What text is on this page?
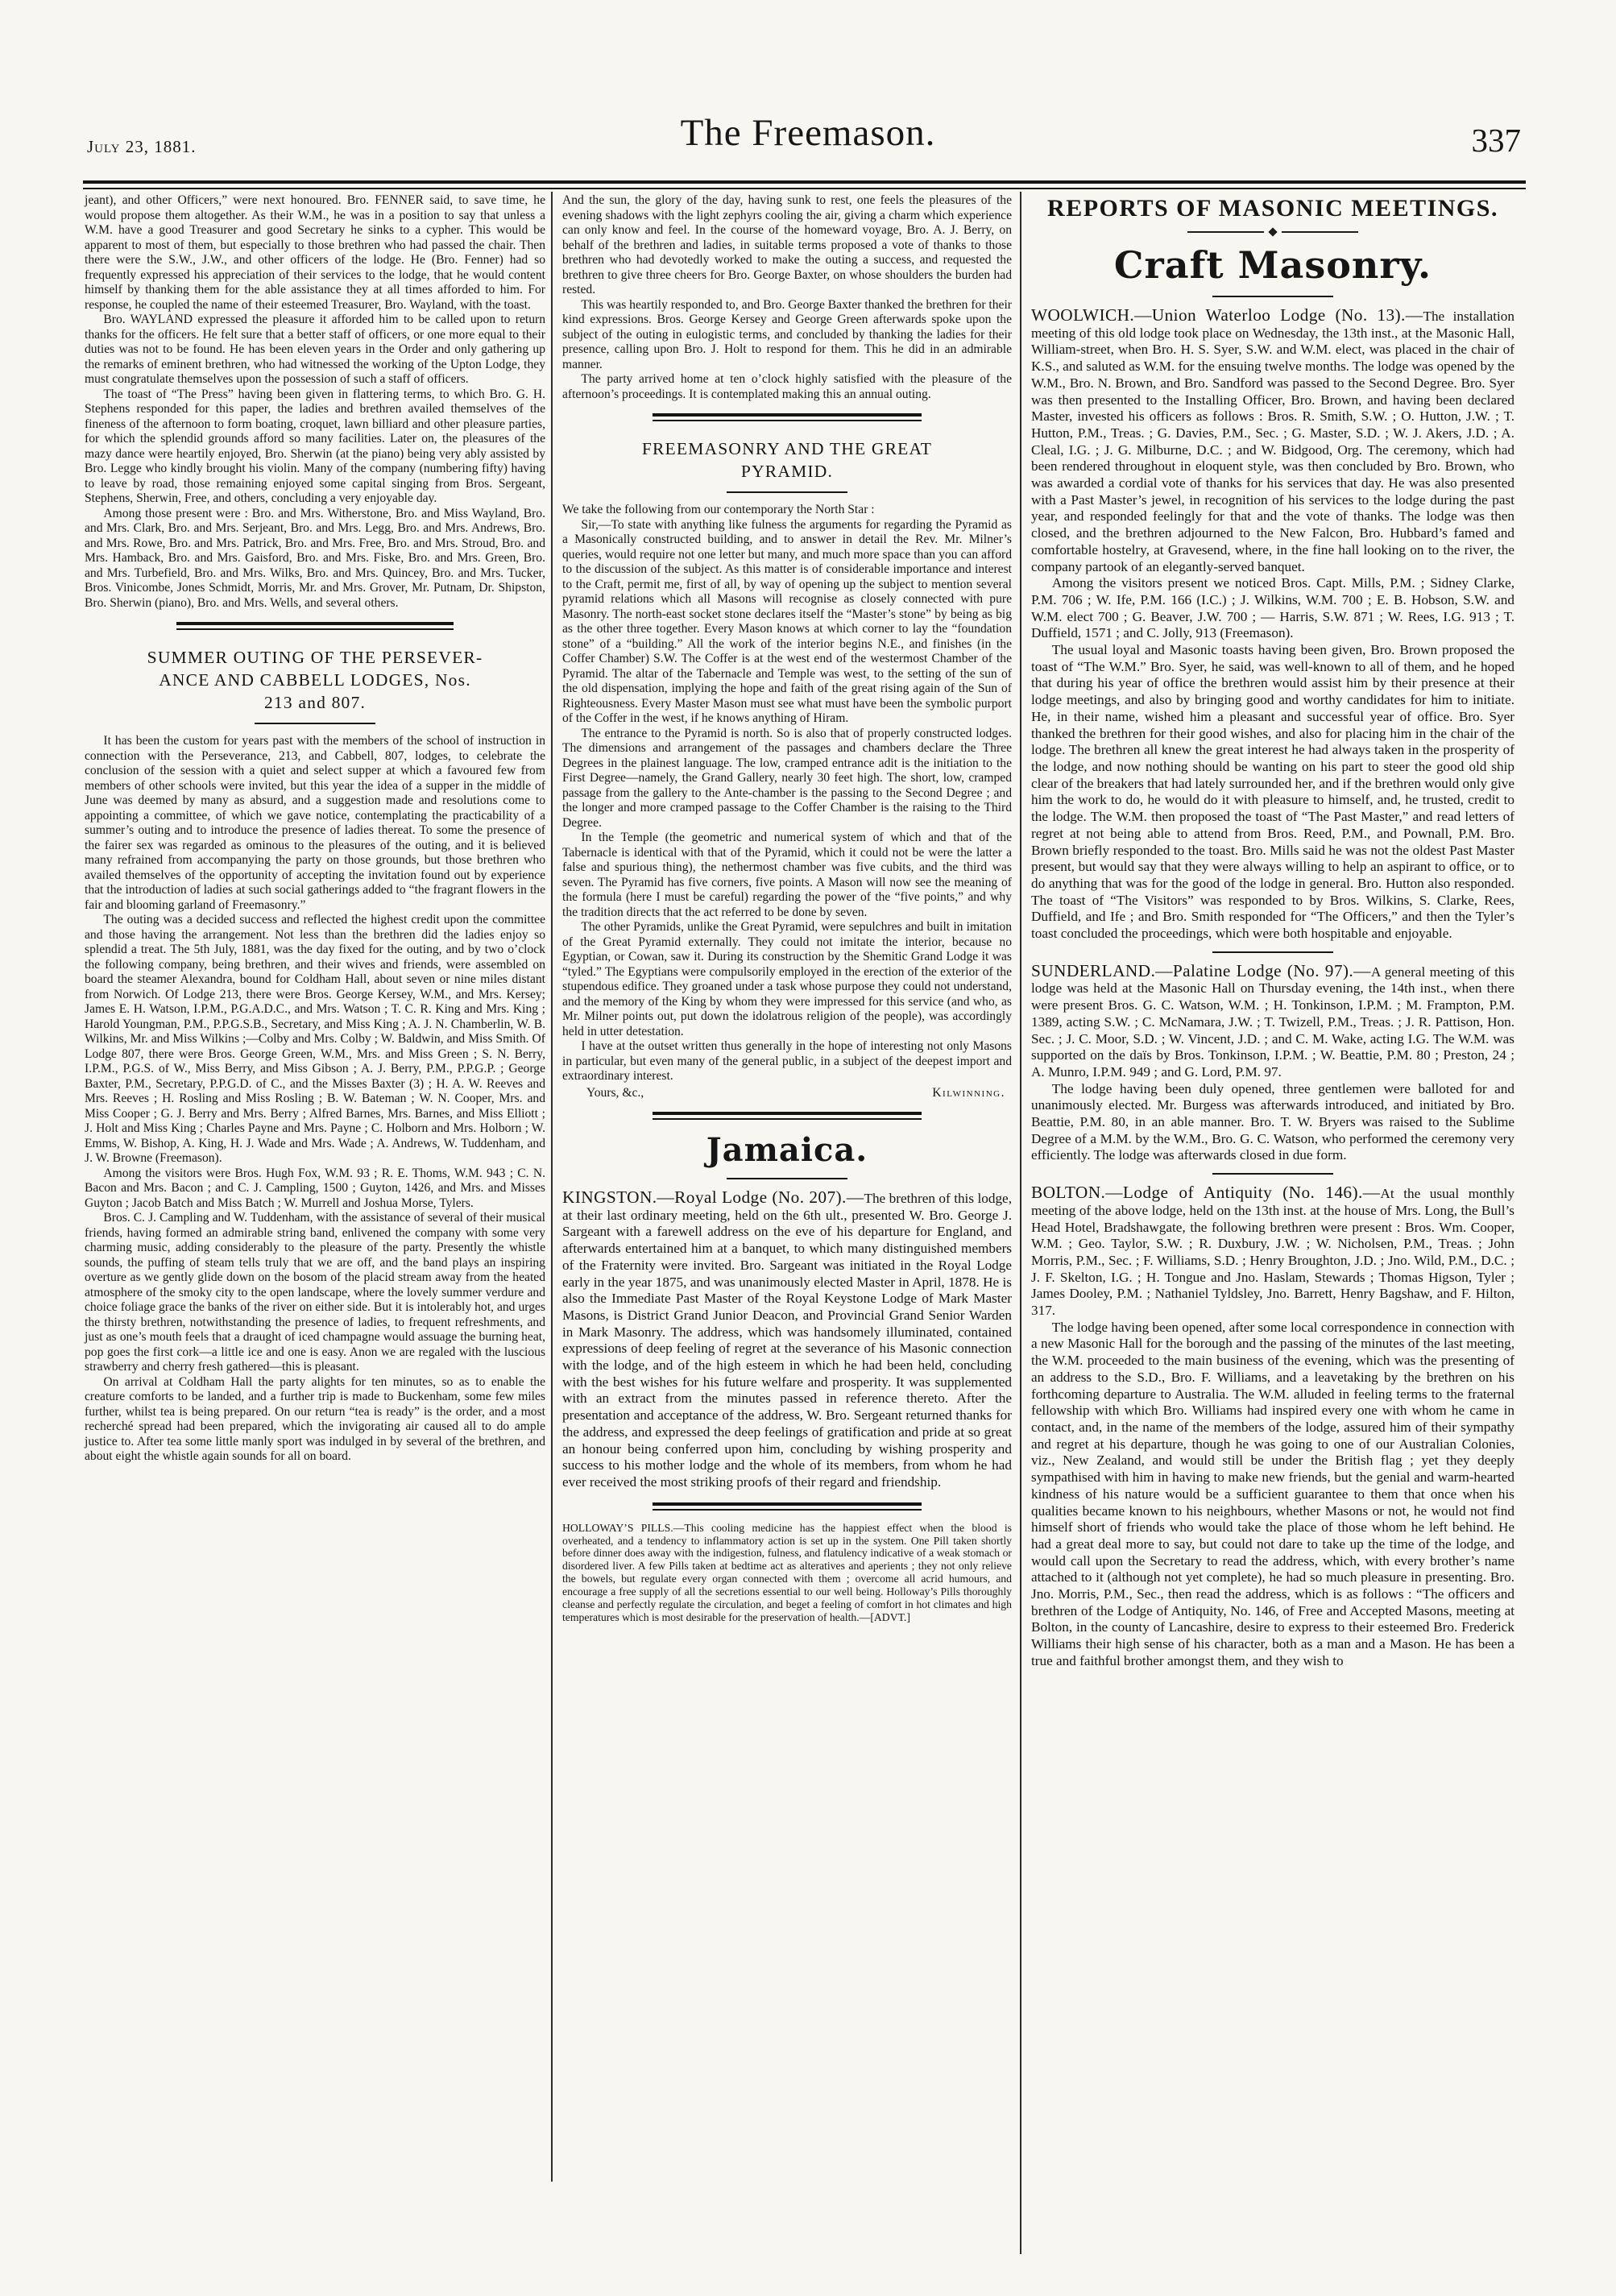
July 23, 1881.	The Freemason.	337

jeant), and other Officers,” were next honoured. Bro. FENNER said, to save time, he would propose them altogether. As their W.M., he was in a position to say that unless a W.M. have a good Treasurer and good Secretary he sinks to a cypher. This would be apparent to most of them, but especially to those brethren who had passed the chair. Then there were the S.W., J.W., and other officers of the lodge. He (Bro. Fenner) had so frequently expressed his appreciation of their services to the lodge, that he would content himself by thanking them for the able assistance they at all times afforded to him. For response, he coupled the name of their esteemed Treasurer, Bro. Wayland, with the toast.

Bro. WAYLAND expressed the pleasure it afforded him to be called upon to return thanks for the officers. He felt sure that a better staff of officers, or one more equal to their duties was not to be found. He has been eleven years in the Order and only gathering up the remarks of eminent brethren, who had witnessed the working of the Upton Lodge, they must congratulate themselves upon the possession of such a staff of officers.

The toast of “The Press” having been given in flattering terms, to which Bro. G. H. Stephens responded for this paper, the ladies and brethren availed themselves of the fineness of the afternoon to form boating, croquet, lawn billiard and other pleasure parties, for which the splendid grounds afford so many facilities. Later on, the pleasures of the mazy dance were heartily enjoyed, Bro. Sherwin (at the piano) being very ably assisted by Bro. Legge who kindly brought his violin. Many of the company (numbering fifty) having to leave by road, those remaining enjoyed some capital singing from Bros. Sergeant, Stephens, Sherwin, Free, and others, concluding a very enjoyable day.

Among those present were : Bro. and Mrs. Witherstone, Bro. and Miss Wayland, Bro. and Mrs. Clark, Bro. and Mrs. Serjeant, Bro. and Mrs. Legg, Bro. and Mrs. Andrews, Bro. and Mrs. Rowe, Bro. and Mrs. Patrick, Bro. and Mrs. Free, Bro. and Mrs. Stroud, Bro. and Mrs. Hamback, Bro. and Mrs. Gaisford, Bro. and Mrs. Fiske, Bro. and Mrs. Green, Bro. and Mrs. Turbefield, Bro. and Mrs. Wilks, Bro. and Mrs. Quincey, Bro. and Mrs. Tucker, Bros. Vinicombe, Jones Schmidt, Morris, Mr. and Mrs. Grover, Mr. Putnam, Dr. Shipston, Bro. Sherwin (piano), Bro. and Mrs. Wells, and several others.

SUMMER OUTING OF THE PERSEVER-
ANCE AND CABBELL LODGES, Nos.
213 and 807.

It has been the custom for years past with the members of the school of instruction in connection with the Perseverance, 213, and Cabbell, 807, lodges, to celebrate the conclusion of the session with a quiet and select supper at which a favoured few from members of other schools were invited, but this year the idea of a supper in the middle of June was deemed by many as absurd, and a suggestion made and resolutions come to appointing a committee, of which we gave notice, contemplating the practicability of a summer’s outing and to introduce the presence of ladies thereat. To some the presence of the fairer sex was regarded as ominous to the pleasures of the outing, and it is believed many refrained from accompanying the party on those grounds, but those brethren who availed themselves of the opportunity of accepting the invitation found out by experience that the introduction of ladies at such social gatherings added to “the fragrant flowers in the fair and blooming garland of Freemasonry.”

The outing was a decided success and reflected the highest credit upon the committee and those having the arrangement. Not less than the brethren did the ladies enjoy so splendid a treat. The 5th July, 1881, was the day fixed for the outing, and by two o’clock the following company, being brethren, and their wives and friends, were assembled on board the steamer Alexandra, bound for Coldham Hall, about seven or nine miles distant from Norwich. Of Lodge 213, there were Bros. George Kersey, W.M., and Mrs. Kersey; James E. H. Watson, I.P.M., P.G.A.D.C., and Mrs. Watson ; T. C. R. King and Mrs. King ; Harold Youngman, P.M., P.P.G.S.B., Secretary, and Miss King ; A. J. N. Chamberlin, W. B. Wilkins, Mr. and Miss Wilkins ;—Colby and Mrs. Colby ; W. Baldwin, and Miss Smith. Of Lodge 807, there were Bros. George Green, W.M., Mrs. and Miss Green ; S. N. Berry, I.P.M., P.G.S. of W., Miss Berry, and Miss Gibson ; A. J. Berry, P.M., P.P.G.P. ; George Baxter, P.M., Secretary, P.P.G.D. of C., and the Misses Baxter (3) ; H. A. W. Reeves and Mrs. Reeves ; H. Rosling and Miss Rosling ; B. W. Bateman ; W. N. Cooper, Mrs. and Miss Cooper ; G. J. Berry and Mrs. Berry ; Alfred Barnes, Mrs. Barnes, and Miss Elliott ; J. Holt and Miss King ; Charles Payne and Mrs. Payne ; C. Holborn and Mrs. Holborn ; W. Emms, W. Bishop, A. King, H. J. Wade and Mrs. Wade ; A. Andrews, W. Tuddenham, and J. W. Browne (Freemason).

Among the visitors were Bros. Hugh Fox, W.M. 93 ; R. E. Thoms, W.M. 943 ; C. N. Bacon and Mrs. Bacon ; and C. J. Campling, 1500 ; Guyton, 1426, and Mrs. and Misses Guyton ; Jacob Batch and Miss Batch ; W. Murrell and Joshua Morse, Tylers.

Bros. C. J. Campling and W. Tuddenham, with the assistance of several of their musical friends, having formed an admirable string band, enlivened the company with some very charming music, adding considerably to the pleasure of the party. Presently the whistle sounds, the puffing of steam tells truly that we are off, and the band plays an inspiring overture as we gently glide down on the bosom of the placid stream away from the heated atmosphere of the smoky city to the open landscape, where the lovely summer verdure and choice foliage grace the banks of the river on either side. But it is intolerably hot, and urges the thirsty brethren, notwithstanding the presence of ladies, to frequent refreshments, and just as one’s mouth feels that a draught of iced champagne would assuage the burning heat, pop goes the first cork—a little ice and one is easy. Anon we are regaled with the luscious strawberry and cherry fresh gathered—this is pleasant.

On arrival at Coldham Hall the party alights for ten minutes, so as to enable the creature comforts to be landed, and a further trip is made to Buckenham, some few miles further, whilst tea is being prepared. On our return “tea is ready” is the order, and a most recherché spread had been prepared, which the invigorating air caused all to do ample justice to. After tea some little manly sport was indulged in by several of the brethren, and about eight the whistle again sounds for all on board.

And the sun, the glory of the day, having sunk to rest, one feels the pleasures of the evening shadows with the light zephyrs cooling the air, giving a charm which experience can only know and feel. In the course of the homeward voyage, Bro. A. J. Berry, on behalf of the brethren and ladies, in suitable terms proposed a vote of thanks to those brethren who had devotedly worked to make the outing a success, and requested the brethren to give three cheers for Bro. George Baxter, on whose shoulders the burden had rested.

This was heartily responded to, and Bro. George Baxter thanked the brethren for their kind expressions. Bros. George Kersey and George Green afterwards spoke upon the subject of the outing in eulogistic terms, and concluded by thanking the ladies for their presence, calling upon Bro. J. Holt to respond for them. This he did in an admirable manner.

The party arrived home at ten o’clock highly satisfied with the pleasure of the afternoon’s proceedings. It is contemplated making this an annual outing.

FREEMASONRY AND THE GREAT
PYRAMID.

We take the following from our contemporary the North Star :

Sir,—To state with anything like fulness the arguments for regarding the Pyramid as a Masonically constructed building, and to answer in detail the Rev. Mr. Milner’s queries, would require not one letter but many, and much more space than you can afford to the discussion of the subject. As this matter is of considerable importance and interest to the Craft, permit me, first of all, by way of opening up the subject to mention several pyramid relations which all Masons will recognise as closely connected with pure Masonry. The north-east socket stone declares itself the “Master’s stone” by being as big as the other three together. Every Mason knows at which corner to lay the “foundation stone” of a “building.” All the work of the interior begins N.E., and finishes (in the Coffer Chamber) S.W. The Coffer is at the west end of the westermost Chamber of the Pyramid. The altar of the Tabernacle and Temple was west, to the setting of the sun of the old dispensation, implying the hope and faith of the great rising again of the Sun of Righteousness. Every Master Mason must see what must have been the symbolic purport of the Coffer in the west, if he knows anything of Hiram.

The entrance to the Pyramid is north. So is also that of properly constructed lodges. The dimensions and arrangement of the passages and chambers declare the Three Degrees in the plainest language. The low, cramped entrance adit is the initiation to the First Degree—namely, the Grand Gallery, nearly 30 feet high. The short, low, cramped passage from the gallery to the Ante-chamber is the passing to the Second Degree ; and the longer and more cramped passage to the Coffer Chamber is the raising to the Third Degree.

In the Temple (the geometric and numerical system of which and that of the Tabernacle is identical with that of the Pyramid, which it could not be were the latter a false and spurious thing), the nethermost chamber was five cubits, and the third was seven. The Pyramid has five corners, five points. A Mason will now see the meaning of the formula (here I must be careful) regarding the power of the “five points,” and why the tradition directs that the act referred to be done by seven.

The other Pyramids, unlike the Great Pyramid, were sepulchres and built in imitation of the Great Pyramid externally. They could not imitate the interior, because no Egyptian, or Cowan, saw it. During its construction by the Shemitic Grand Lodge it was “tyled.” The Egyptians were compulsorily employed in the erection of the exterior of the stupendous edifice. They groaned under a task whose purpose they could not understand, and the memory of the King by whom they were impressed for this service (and who, as Mr. Milner points out, put down the idolatrous religion of the people), was accordingly held in utter detestation.

I have at the outset written thus generally in the hope of interesting not only Masons in particular, but even many of the general public, in a subject of the deepest import and extraordinary interest.

Yours, &c.,	Kilwinning.

Jamaica.

KINGSTON.—Royal Lodge (No. 207).—The brethren of this lodge, at their last ordinary meeting, held on the 6th ult., presented W. Bro. George J. Sargeant with a farewell address on the eve of his departure for England, and afterwards entertained him at a banquet, to which many distinguished members of the Fraternity were invited. Bro. Sargeant was initiated in the Royal Lodge early in the year 1875, and was unanimously elected Master in April, 1878. He is also the Immediate Past Master of the Royal Keystone Lodge of Mark Master Masons, is District Grand Junior Deacon, and Provincial Grand Senior Warden in Mark Masonry. The address, which was handsomely illuminated, contained expressions of deep feeling of regret at the severance of his Masonic connection with the lodge, and of the high esteem in which he had been held, concluding with the best wishes for his future welfare and prosperity. It was supplemented with an extract from the minutes passed in reference thereto. After the presentation and acceptance of the address, W. Bro. Sergeant returned thanks for the address, and expressed the deep feelings of gratification and pride at so great an honour being conferred upon him, concluding by wishing prosperity and success to his mother lodge and the whole of its members, from whom he had ever received the most striking proofs of their regard and friendship.

HOLLOWAY’S PILLS.—This cooling medicine has the happiest effect when the blood is overheated, and a tendency to inflammatory action is set up in the system. One Pill taken shortly before dinner does away with the indigestion, fulness, and flatulency indicative of a weak stomach or disordered liver. A few Pills taken at bedtime act as alteratives and aperients ; they not only relieve the bowels, but regulate every organ connected with them ; overcome all acrid humours, and encourage a free supply of all the secretions essential to our well being. Holloway’s Pills thoroughly cleanse and perfectly regulate the circulation, and beget a feeling of comfort in hot climates and high temperatures which is most desirable for the preservation of health.—[ADVT.]

REPORTS OF MASONIC MEETINGS.
Craft Masonry.

WOOLWICH.—Union Waterloo Lodge (No. 13).—The installation meeting of this old lodge took place on Wednesday, the 13th inst., at the Masonic Hall, William-street, when Bro. H. S. Syer, S.W. and W.M. elect, was placed in the chair of K.S., and saluted as W.M. for the ensuing twelve months. The lodge was opened by the W.M., Bro. N. Brown, and Bro. Sandford was passed to the Second Degree. Bro. Syer was then presented to the Installing Officer, Bro. Brown, and having been declared Master, invested his officers as follows : Bros. R. Smith, S.W. ; O. Hutton, J.W. ; T. Hutton, P.M., Treas. ; G. Davies, P.M., Sec. ; G. Master, S.D. ; W. J. Akers, J.D. ; A. Cleal, I.G. ; J. G. Milburne, D.C. ; and W. Bidgood, Org. The ceremony, which had been rendered throughout in eloquent style, was then concluded by Bro. Brown, who was awarded a cordial vote of thanks for his services that day. He was also presented with a Past Master’s jewel, in recognition of his services to the lodge during the past year, and responded feelingly for that and the vote of thanks. The lodge was then closed, and the brethren adjourned to the New Falcon, Bro. Hubbard’s famed and comfortable hostelry, at Gravesend, where, in the fine hall looking on to the river, the company partook of an elegantly-served banquet.

Among the visitors present we noticed Bros. Capt. Mills, P.M. ; Sidney Clarke, P.M. 706 ; W. Ife, P.M. 166 (I.C.) ; J. Wilkins, W.M. 700 ; E. B. Hobson, S.W. and W.M. elect 700 ; G. Beaver, J.W. 700 ; — Harris, S.W. 871 ; W. Rees, I.G. 913 ; T. Duffield, 1571 ; and C. Jolly, 913 (Freemason).

The usual loyal and Masonic toasts having been given, Bro. Brown proposed the toast of “The W.M.” Bro. Syer, he said, was well-known to all of them, and he hoped that during his year of office the brethren would assist him by their presence at their lodge meetings, and also by bringing good and worthy candidates for him to initiate. He, in their name, wished him a pleasant and successful year of office. Bro. Syer thanked the brethren for their good wishes, and also for placing him in the chair of the lodge. The brethren all knew the great interest he had always taken in the prosperity of the lodge, and now nothing should be wanting on his part to steer the good old ship clear of the breakers that had lately surrounded her, and if the brethren would only give him the work to do, he would do it with pleasure to himself, and, he trusted, credit to the lodge. The W.M. then proposed the toast of “The Past Master,” and read letters of regret at not being able to attend from Bros. Reed, P.M., and Pownall, P.M. Bro. Brown briefly responded to the toast. Bro. Mills said he was not the oldest Past Master present, but would say that they were always willing to help an aspirant to office, or to do anything that was for the good of the lodge in general. Bro. Hutton also responded. The toast of “The Visitors” was responded to by Bros. Wilkins, S. Clarke, Rees, Duffield, and Ife ; and Bro. Smith responded for “The Officers,” and then the Tyler’s toast concluded the proceedings, which were both hospitable and enjoyable.

SUNDERLAND.—Palatine Lodge (No. 97).—A general meeting of this lodge was held at the Masonic Hall on Thursday evening, the 14th inst., when there were present Bros. G. C. Watson, W.M. ; H. Tonkinson, I.P.M. ; M. Frampton, P.M. 1389, acting S.W. ; C. McNamara, J.W. ; T. Twizell, P.M., Treas. ; J. R. Pattison, Hon. Sec. ; J. C. Moor, S.D. ; W. Vincent, J.D. ; and C. M. Wake, acting I.G. The W.M. was supported on the daïs by Bros. Tonkinson, I.P.M. ; W. Beattie, P.M. 80 ; Preston, 24 ; A. Munro, I.P.M. 949 ; and G. Lord, P.M. 97.

The lodge having been duly opened, three gentlemen were balloted for and unanimously elected. Mr. Burgess was afterwards introduced, and initiated by Bro. Beattie, P.M. 80, in an able manner. Bro. T. W. Bryers was raised to the Sublime Degree of a M.M. by the W.M., Bro. G. C. Watson, who performed the ceremony very efficiently. The lodge was afterwards closed in due form.

BOLTON.—Lodge of Antiquity (No. 146).—At the usual monthly meeting of the above lodge, held on the 13th inst. at the house of Mrs. Long, the Bull’s Head Hotel, Bradshawgate, the following brethren were present : Bros. Wm. Cooper, W.M. ; Geo. Taylor, S.W. ; R. Duxbury, J.W. ; W. Nicholsen, P.M., Treas. ; John Morris, P.M., Sec. ; F. Williams, S.D. ; Henry Broughton, J.D. ; Jno. Wild, P.M., D.C. ; J. F. Skelton, I.G. ; H. Tongue and Jno. Haslam, Stewards ; Thomas Higson, Tyler ; James Dooley, P.M. ; Nathaniel Tyldsley, Jno. Barrett, Henry Bagshaw, and F. Hilton, 317.

The lodge having been opened, after some local correspondence in connection with a new Masonic Hall for the borough and the passing of the minutes of the last meeting, the W.M. proceeded to the main business of the evening, which was the presenting of an address to the S.D., Bro. F. Williams, and a leavetaking by the brethren on his forthcoming departure to Australia. The W.M. alluded in feeling terms to the fraternal fellowship with which Bro. Williams had inspired every one with whom he came in contact, and, in the name of the members of the lodge, assured him of their sympathy and regret at his departure, though he was going to one of our Australian Colonies, viz., New Zealand, and would still be under the British flag ; yet they deeply sympathised with him in having to make new friends, but the genial and warm-hearted kindness of his nature would be a sufficient guarantee to them that once when his qualities became known to his neighbours, whether Masons or not, he would not find himself short of friends who would take the place of those whom he left behind. He had a great deal more to say, but could not dare to take up the time of the lodge, and would call upon the Secretary to read the address, which, with every brother’s name attached to it (although not yet complete), he had so much pleasure in presenting. Bro. Jno. Morris, P.M., Sec., then read the address, which is as follows : “The officers and brethren of the Lodge of Antiquity, No. 146, of Free and Accepted Masons, meeting at Bolton, in the county of Lancashire, desire to express to their esteemed Bro. Frederick Williams their high sense of his character, both as a man and a Mason. He has been a true and faithful brother amongst them, and they wish to
